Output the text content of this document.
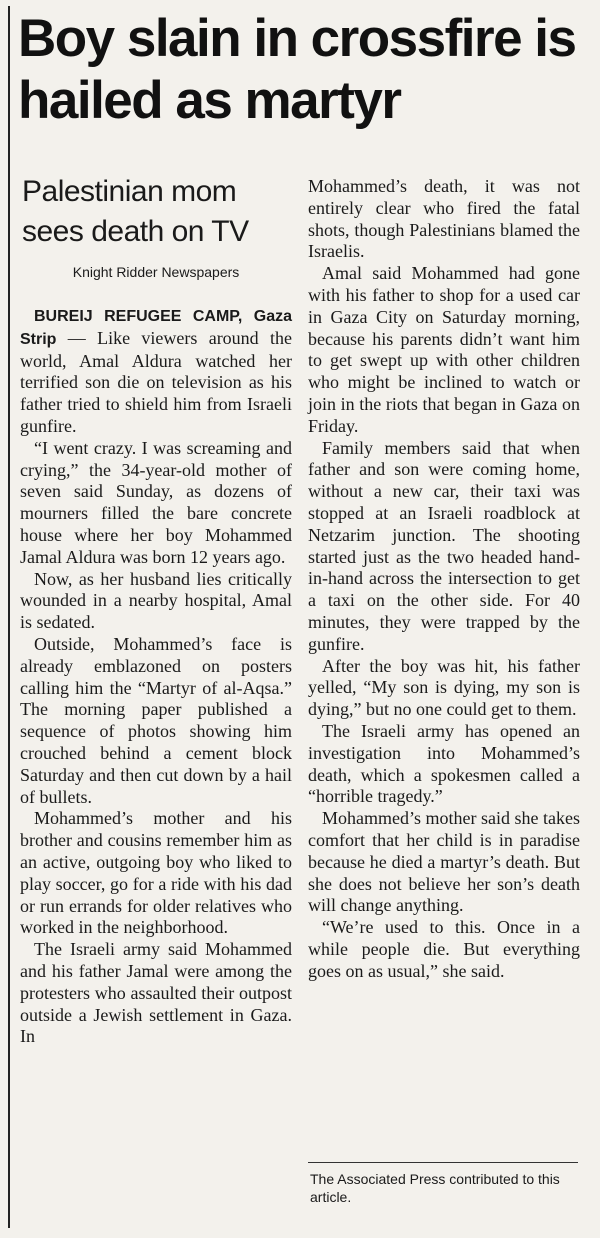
Boy slain in crossfire is hailed as martyr
Palestinian mom sees death on TV
Knight Ridder Newspapers

BUREIJ REFUGEE CAMP, Gaza Strip — Like viewers around the world, Amal Aldura watched her terrified son die on television as his father tried to shield him from Israeli gunfire.

“I went crazy. I was screaming and crying,” the 34-year-old mother of seven said Sunday, as dozens of mourners filled the bare concrete house where her boy Mohammed Jamal Aldura was born 12 years ago.

Now, as her husband lies critically wounded in a nearby hospital, Amal is sedated.

Outside, Mohammed’s face is already emblazoned on posters calling him the “Martyr of al-Aqsa.” The morning paper published a sequence of photos showing him crouched behind a cement block Saturday and then cut down by a hail of bullets.

Mohammed’s mother and his brother and cousins remember him as an active, outgoing boy who liked to play soccer, go for a ride with his dad or run errands for older relatives who worked in the neighborhood.

The Israeli army said Mohammed and his father Jamal were among the protesters who assaulted their outpost outside a Jewish settlement in Gaza. In

Mohammed’s death, it was not entirely clear who fired the fatal shots, though Palestinians blamed the Israelis.

Amal said Mohammed had gone with his father to shop for a used car in Gaza City on Saturday morning, because his parents didn’t want him to get swept up with other children who might be inclined to watch or join in the riots that began in Gaza on Friday.

Family members said that when father and son were coming home, without a new car, their taxi was stopped at an Israeli roadblock at Netzarim junction. The shooting started just as the two headed hand-in-hand across the intersection to get a taxi on the other side. For 40 minutes, they were trapped by the gunfire.

After the boy was hit, his father yelled, “My son is dying, my son is dying,” but no one could get to them.

The Israeli army has opened an investigation into Mohammed’s death, which a spokesmen called a “horrible tragedy.”

Mohammed’s mother said she takes comfort that her child is in paradise because he died a martyr’s death. But she does not believe her son’s death will change anything.

“We’re used to this. Once in a while people die. But everything goes on as usual,” she said.

The Associated Press contributed to this article.
